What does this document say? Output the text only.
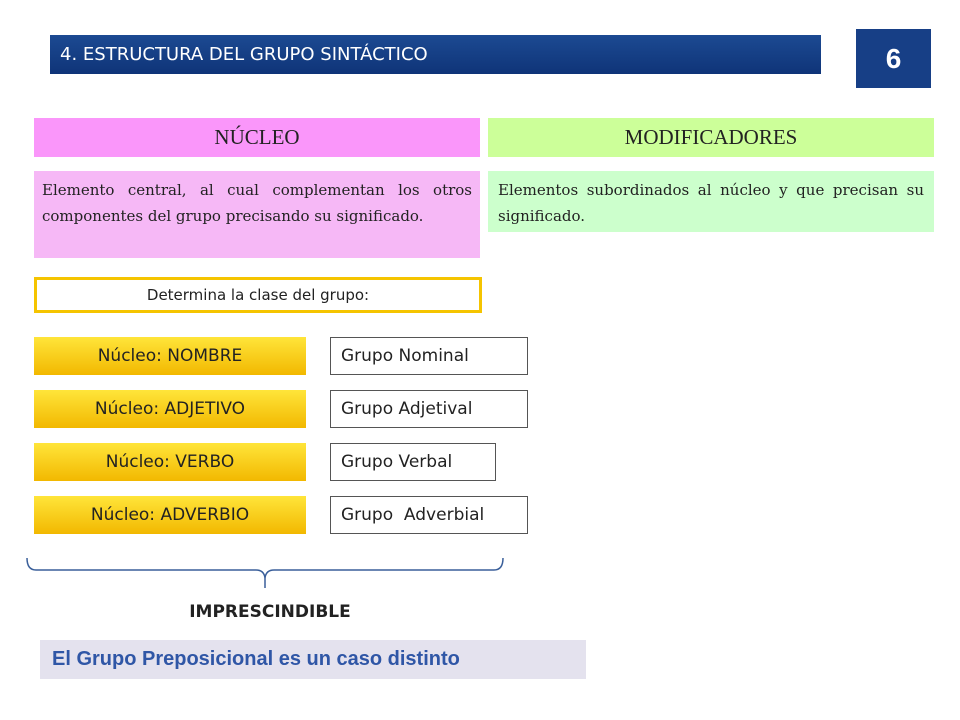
4. ESTRUCTURA DEL GRUPO SINTÁCTICO	6
NÚCLEO	MODIFICADORES
Elemento central, al cual complementan los otros componentes del grupo precisando su significado.
Elementos subordinados al núcleo y que precisan su significado.
Determina la clase del grupo:
Núcleo: NOMBRE	Grupo Nominal
Núcleo: ADJETIVO	Grupo Adjetival
Núcleo: VERBO	Grupo Verbal
Núcleo: ADVERBIO	Grupo  Adverbial
IMPRESCINDIBLE
El Grupo Preposicional es un caso distinto
